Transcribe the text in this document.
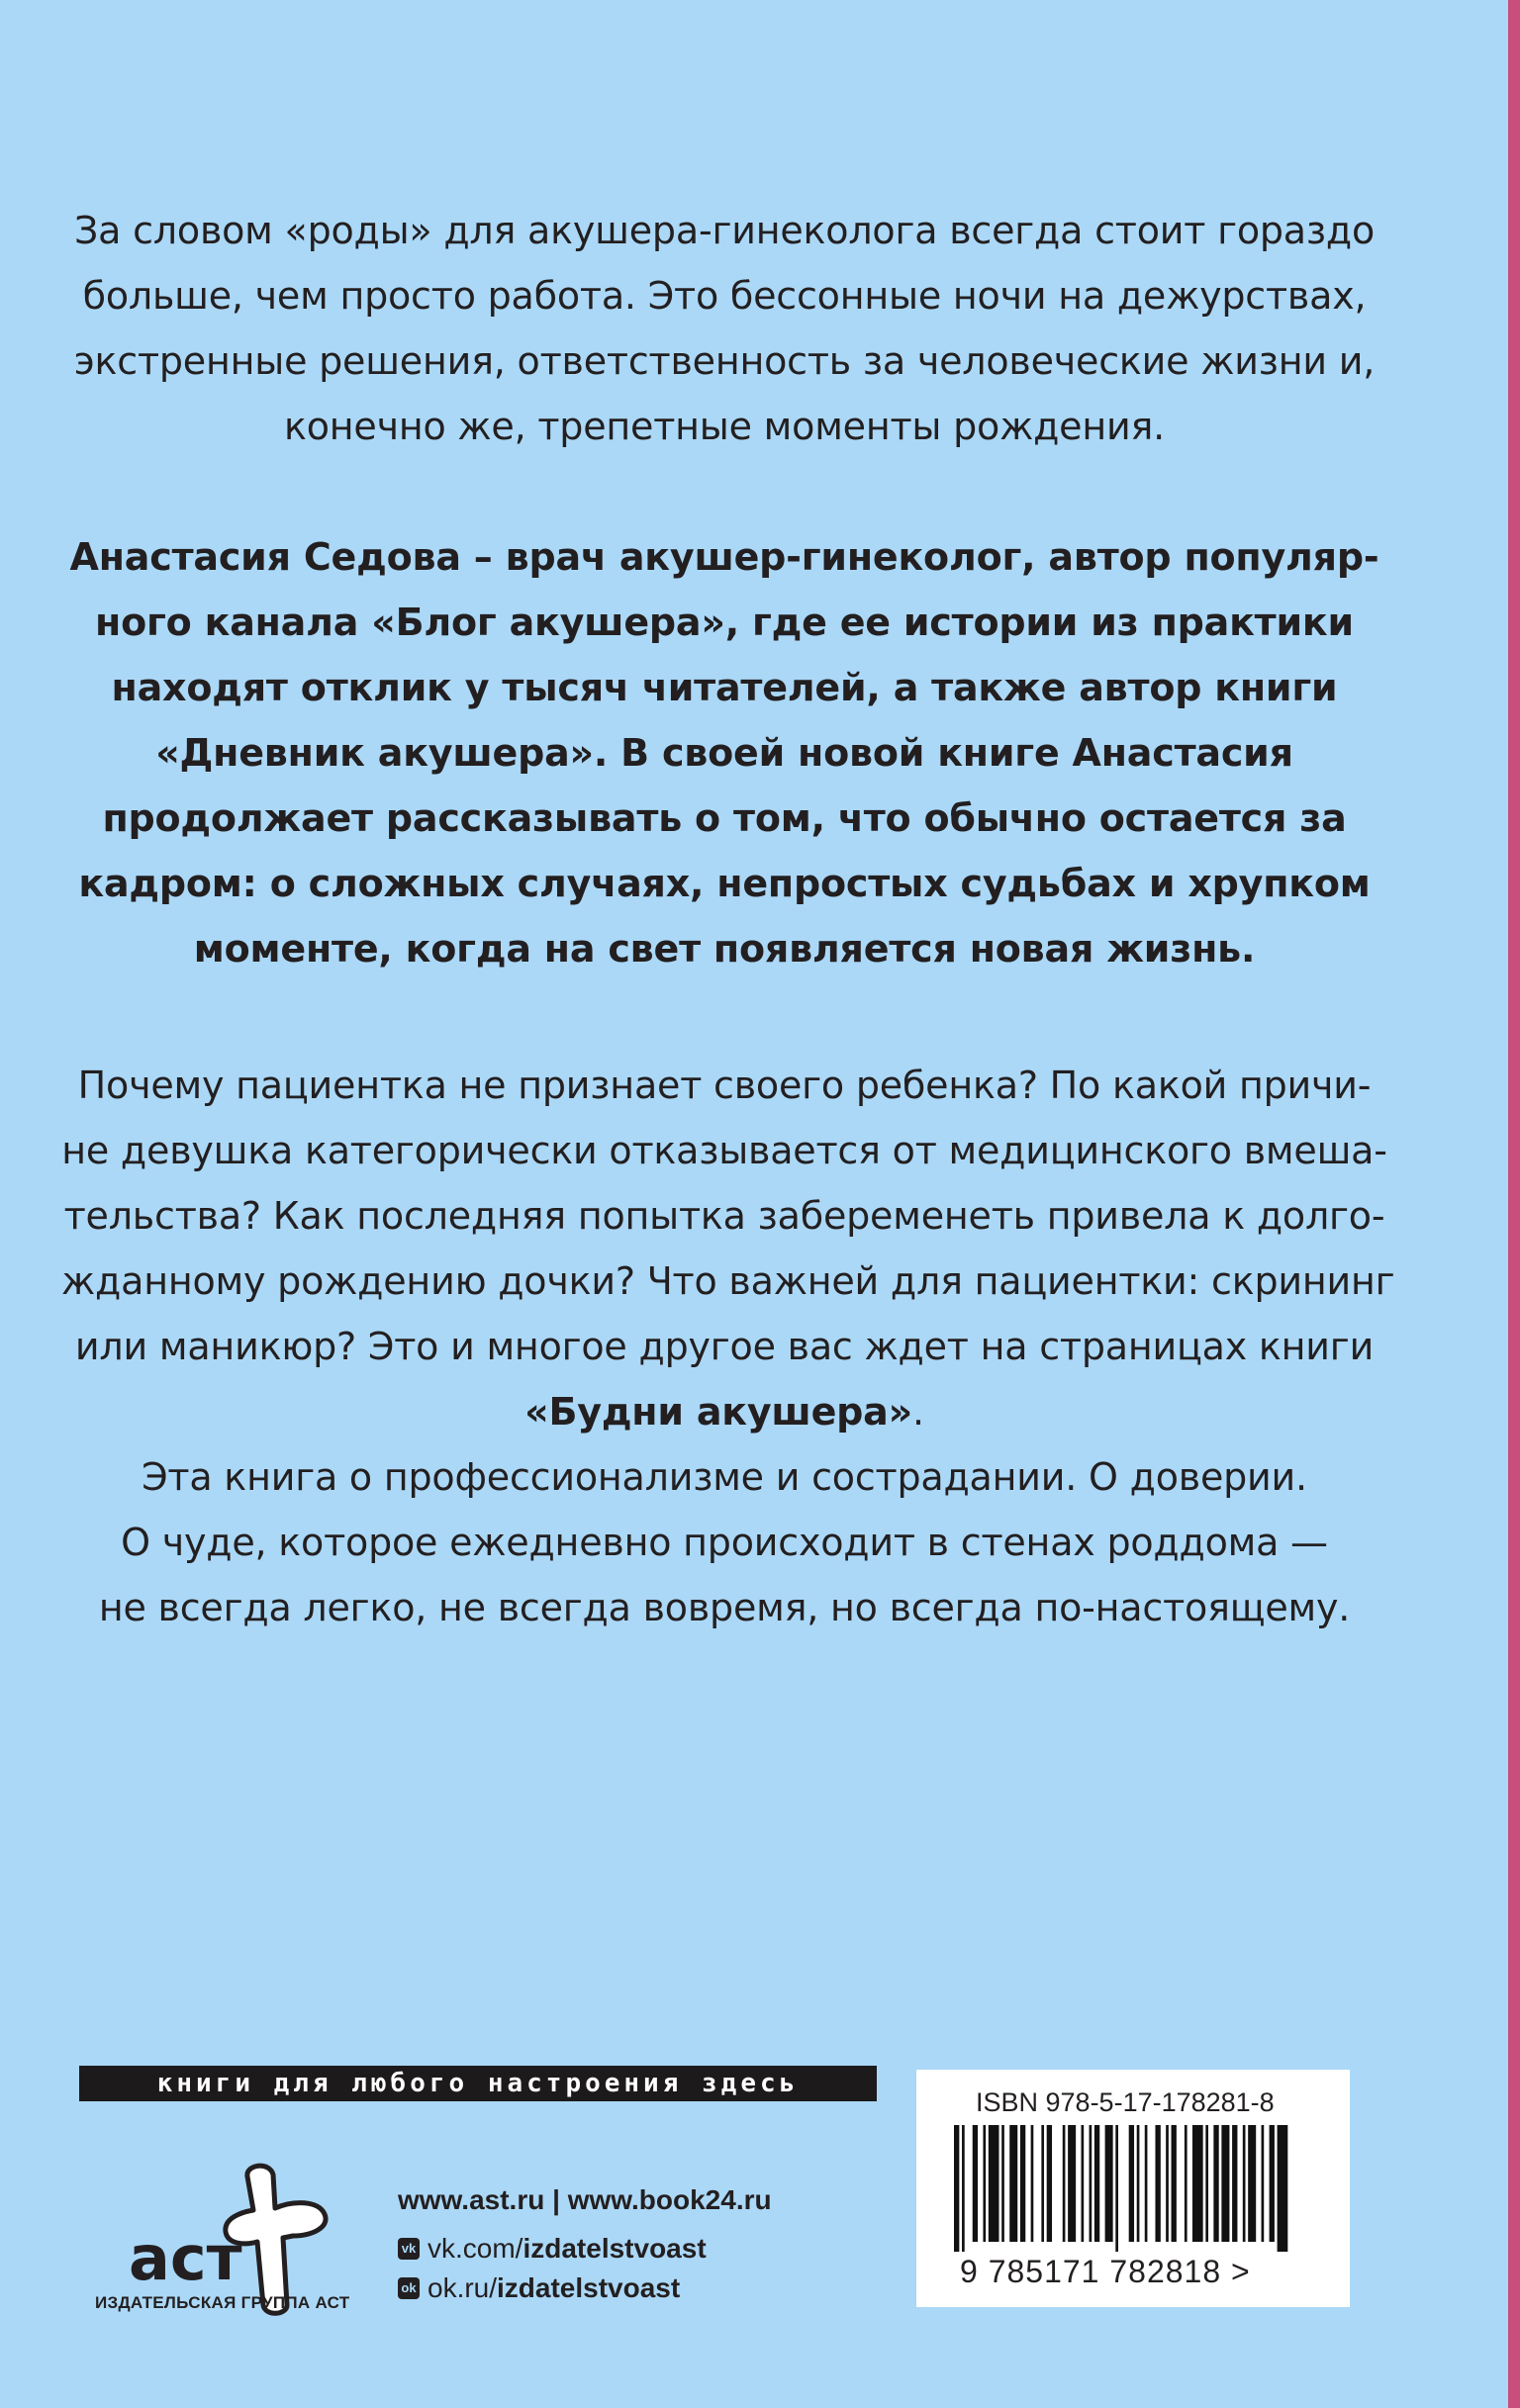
За словом «роды» для акушера-гинеколога всегда стоит гораздо
больше, чем просто работа. Это бессонные ночи на дежурствах,
экстренные решения, ответственность за человеческие жизни и,
конечно же, трепетные моменты рождения.
Анастасия Седова – врач акушер-гинеколог, автор популяр-
ного канала «Блог акушера», где ее истории из практики
находят отклик у тысяч читателей, а также автор книги
«Дневник акушера». В своей новой книге Анастасия
продолжает рассказывать о том, что обычно остается за
кадром: о сложных случаях, непростых судьбах и хрупком
моменте, когда на свет появляется новая жизнь.
Почему пациентка не признает своего ребенка? По какой причи-
не девушка категорически отказывается от медицинского вмеша-
тельства? Как последняя попытка забеременеть привела к долго-
жданному рождению дочки? Что важней для пациентки: скрининг
или маникюр? Это и многое другое вас ждет на страницах книги
«Будни акушера».
Эта книга о профессионализме и сострадании. О доверии.
О чуде, которое ежедневно происходит в стенах роддома —
не всегда легко, не всегда вовремя, но всегда по-настоящему.
книги для любого настроения здесь
аст
ИЗДАТЕЛЬСКАЯ ГРУППА АСТ
www.ast.ru | www.book24.ru
vk vk.com/ izdatelstvoast
ok ok.ru/ izdatelstvoast
ISBN 978-5-17-178281-8
9 785171 782818 >
